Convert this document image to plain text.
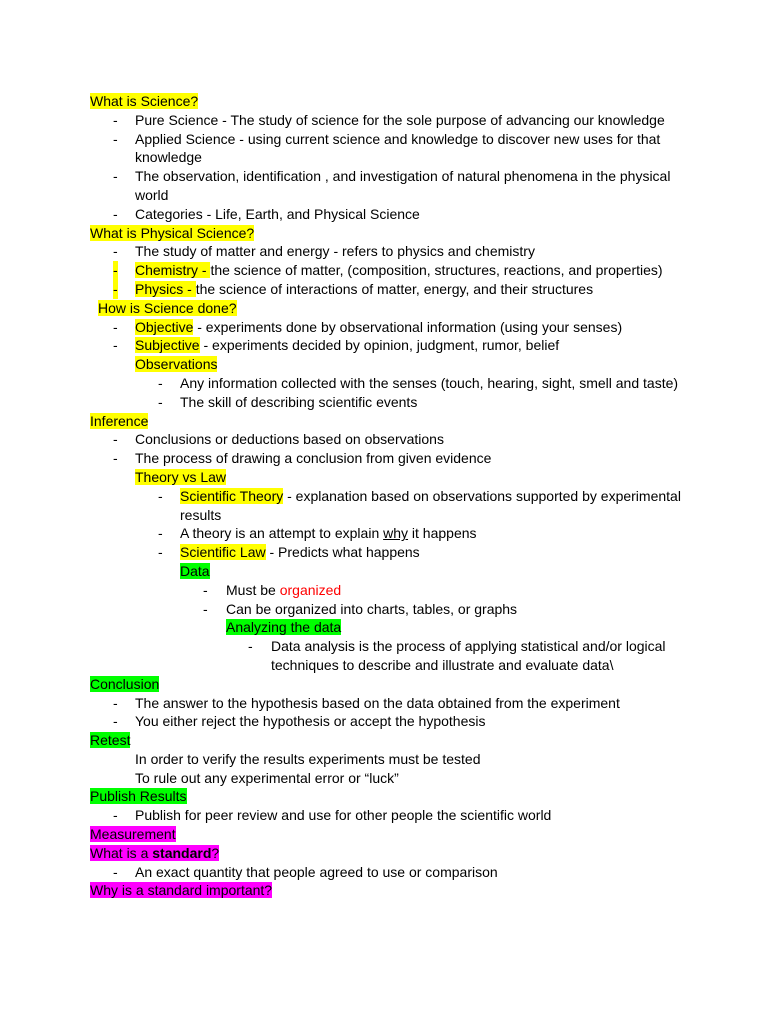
What is Science?
- Pure Science - The study of science for the sole purpose of advancing our knowledge
- Applied Science - using current science and knowledge to discover new uses for that knowledge
- The observation, identification , and investigation of natural phenomena in the physical world
- Categories - Life, Earth, and Physical Science
What is Physical Science?
- The study of matter and energy - refers to physics and chemistry
- Chemistry - the science of matter, (composition, structures, reactions, and properties)
- Physics - the science of interactions of matter, energy, and their structures
How is Science done?
- Objective - experiments done by observational information (using your senses)
- Subjective - experiments decided by opinion, judgment, rumor, belief
Observations
- Any information collected with the senses (touch, hearing, sight, smell and taste)
- The skill of describing scientific events
Inference
- Conclusions or deductions based on observations
- The process of drawing a conclusion from given evidence
Theory vs Law
- Scientific Theory - explanation based on observations supported by experimental results
- A theory is an attempt to explain why it happens
- Scientific Law - Predicts what happens
Data
- Must be organized
- Can be organized into charts, tables, or graphs
Analyzing the data
- Data analysis is the process of applying statistical and/or logical techniques to describe and illustrate and evaluate data\
Conclusion
- The answer to the hypothesis based on the data obtained from the experiment
- You either reject the hypothesis or accept the hypothesis
Retest
In order to verify the results experiments must be tested
To rule out any experimental error or “luck”
Publish Results
- Publish for peer review and use for other people the scientific world
Measurement
What is a standard?
- An exact quantity that people agreed to use or comparison
Why is a standard important?
